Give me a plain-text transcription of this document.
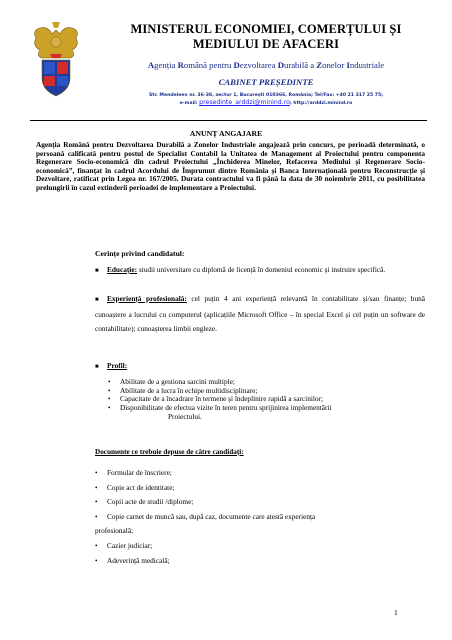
MINISTERUL ECONOMIEI, COMERȚULUI ȘI
MEDIULUI DE AFACERI
Agenția Română pentru Dezvoltarea Durabilă a Zonelor Industriale
CABINET PREȘEDINTE
Str. Mendeleev nr. 36-38, sector 1, București 010366, România; Tel/Fax: +40 21 317 25 75;
e-mail: presedinte_arddzi@minind.ro; http://arddzi.minind.ro
ANUNȚ ANGAJARE
Agenția Română pentru Dezvoltarea Durabilă a Zonelor Industriale angajează prin concurs, pe perioadă determinată, o persoană calificată pentru postul de Specialist Contabil la Unitatea de Management al Proiectului pentru componenta Regenerare Socio-economică din cadrul Proiectului „Închiderea Minelor, Refacerea Mediului și Regenerare Socio-economică”, finanțat în cadrul Acordului de Împrumut dintre România și Banca Internațională pentru Reconstrucție și Dezvoltare, ratificat prin Legea nr. 167/2005. Durata contractului va fi până la data de 30 noiembrie 2011, cu posibilitatea prelungirii în cazul extinderii perioadei de implementare a Proiectului.
Cerințe privind candidatul:
■ Educație: studii universitare cu diplomă de licență în domeniul economic și instruire specifică.
■ Experiență profesională: cel puțin 4 ani experiență relevantă în contabilitate și/sau finanțe; bună cunoaștere a lucrului cu computerul (aplicațiile Microsoft Office – în special Excel și cel puțin un software de contabilitate); cunoașterea limbii engleze.
■ Profil:
• Abilitate de a gestiona sarcini multiple;
• Abilitate de a lucra în echipe multidisciplinare;
• Capacitate de a încadrare în termene și îndeplinire rapidă a sarcinilor;
• Disponibilitate de efectua vizite în teren pentru sprijinirea implementării
Proiectului.
Documente ce trebuie depuse de către candidați:
• Formular de înscriere;
• Copie act de identitate;
• Copii acte de studii /diplome;
• Copie carnet de muncă sau, după caz, documente care atestă experiența
profesională;
• Cazier judiciar;
• Adeverință medicală;
1
